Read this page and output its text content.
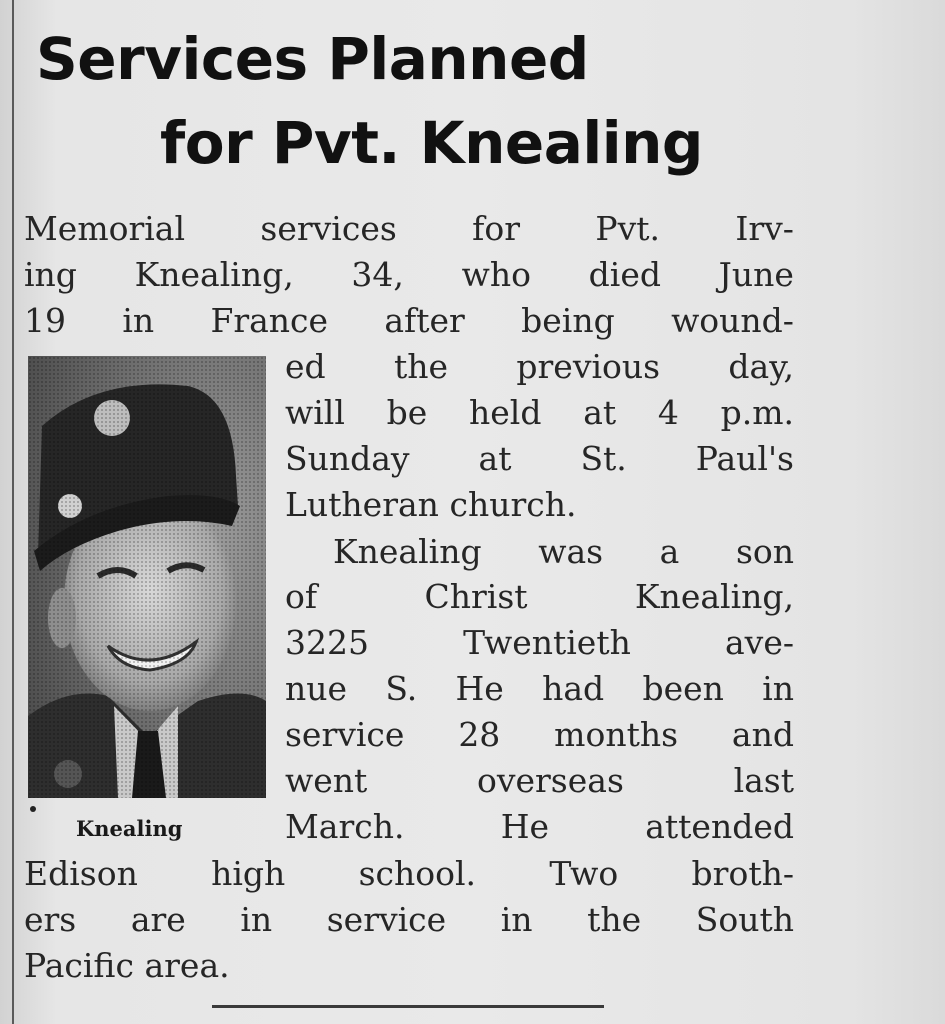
Services Planned
for Pvt. Knealing
Knealing
Memorial services for Pvt. Irv-
ing Knealing, 34, who died June
19 in France after being wound-
ed the previous day,
will be held at 4 p.m.
Sunday at St. Paul's
Lutheran church.
Knealing was a son
of	Christ	Knealing,
3225	Twentieth	ave-
nue S. He had been in
service 28 months and
went	overseas	last
March.	He	attended
Edison high school. Two broth-
ers are in service in the South
Pacific area.
